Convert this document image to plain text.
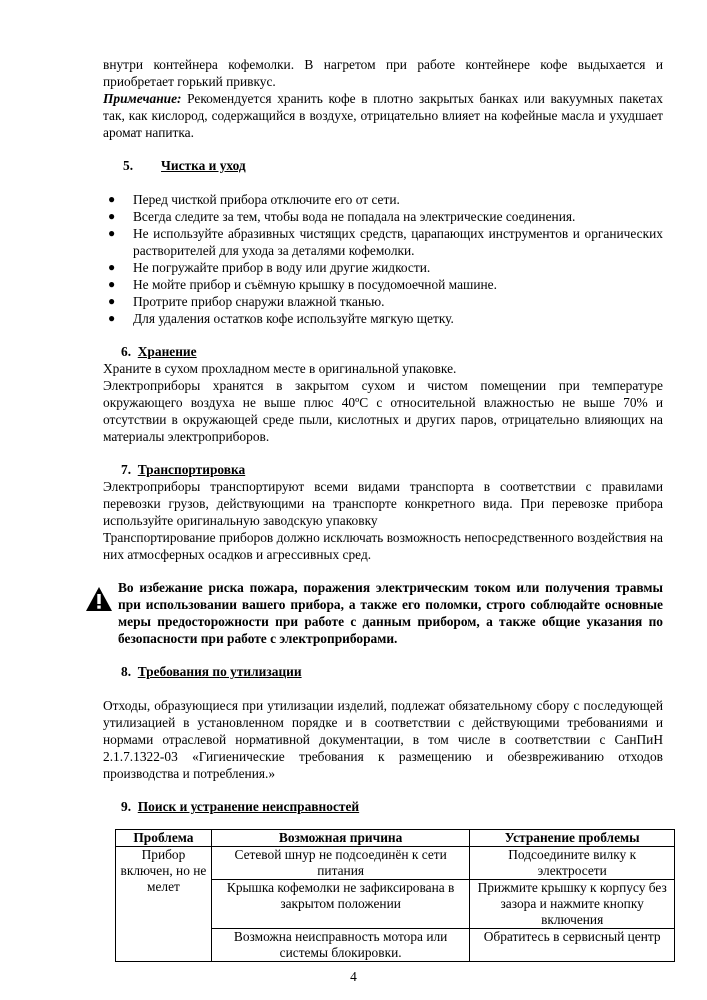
внутри контейнера кофемолки. В нагретом при работе контейнере кофе выдыхается и приобретает горький привкус.

Примечание: Рекомендуется хранить кофе в плотно закрытых банках или вакуумных пакетах так, как кислород, содержащийся в воздухе, отрицательно влияет на кофейные масла и ухудшает аромат напитка.

5. Чистка и уход
● Перед чисткой прибора отключите его от сети.
● Всегда следите за тем, чтобы вода не попадала на электрические соединения.
● Не используйте абразивных чистящих средств, царапающих инструментов и органических растворителей для ухода за деталями кофемолки.
● Не погружайте прибор в воду или другие жидкости.
● Не мойте прибор и съёмную крышку в посудомоечной машине.
● Протрите прибор снаружи влажной тканью.
● Для удаления остатков кофе используйте мягкую щетку.
6. Хранение

Храните в сухом прохладном месте в оригинальной упаковке.

Электроприборы хранятся в закрытом сухом и чистом помещении при температуре окружающего воздуха не выше плюс 40ºС с относительной влажностью не выше 70% и отсутствии в окружающей среде пыли, кислотных и других паров, отрицательно влияющих на материалы электроприборов.

7. Транспортировка

Электроприборы транспортируют всеми видами транспорта в соответствии с правилами перевозки грузов, действующими на транспорте конкретного вида. При перевозке прибора используйте оригинальную заводскую упаковку

Транспортирование приборов должно исключать возможность непосредственного воздействия на них атмосферных осадков и агрессивных сред.

Во избежание риска пожара, поражения электрическим током или получения травмы при использовании вашего прибора, а также его поломки, строго соблюдайте основные меры предосторожности при работе с данным прибором, а также общие указания по безопасности при работе с электроприборами.
8. Требования по утилизации

Отходы, образующиеся при утилизации изделий, подлежат обязательному сбору с последующей утилизацией в установленном порядке и в соответствии с действующими требованиями и нормами отраслевой нормативной документации, в том числе в соответствии с СанПиН 2.1.7.1322-03 «Гигиенические требования к размещению и обезвреживанию отходов производства и потребления.»

9. Поиск и устранение неисправностей
Проблема	Возможная причина	Устранение проблемы
Прибор включен, но не мелет	Сетевой шнур не подсоединён к сети питания	Подсоедините вилку к электросети
	Крышка кофемолки не зафиксирована в закрытом положении	Прижмите крышку к корпусу без зазора и нажмите кнопку включения
	Возможна неисправность мотора или системы блокировки.	Обратитесь в сервисный центр
4
